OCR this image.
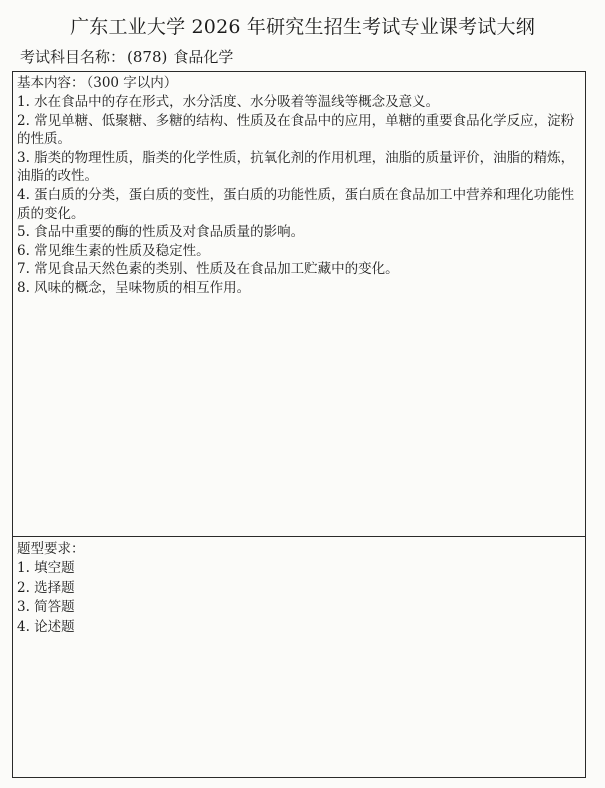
广东工业大学 2026 年研究生招生考试专业课考试大纲
考试科目名称： (878) 食品化学
基本内容： （300 字以内）
1. 水在食品中的存在形式，水分活度、水分吸着等温线等概念及意义。
2. 常见单糖、低聚糖、多糖的结构、性质及在食品中的应用，单糖的重要食品化学反应，淀粉的性质。
3. 脂类的物理性质，脂类的化学性质，抗氧化剂的作用机理，油脂的质量评价，油脂的精炼，油脂的改性。
4. 蛋白质的分类，蛋白质的变性，蛋白质的功能性质，蛋白质在食品加工中营养和理化功能性质的变化。
5. 食品中重要的酶的性质及对食品质量的影响。
6. 常见维生素的性质及稳定性。
7. 常见食品天然色素的类别、性质及在食品加工贮藏中的变化。
8. 风味的概念，呈味物质的相互作用。
题型要求：
1. 填空题
2. 选择题
3. 简答题
4. 论述题
